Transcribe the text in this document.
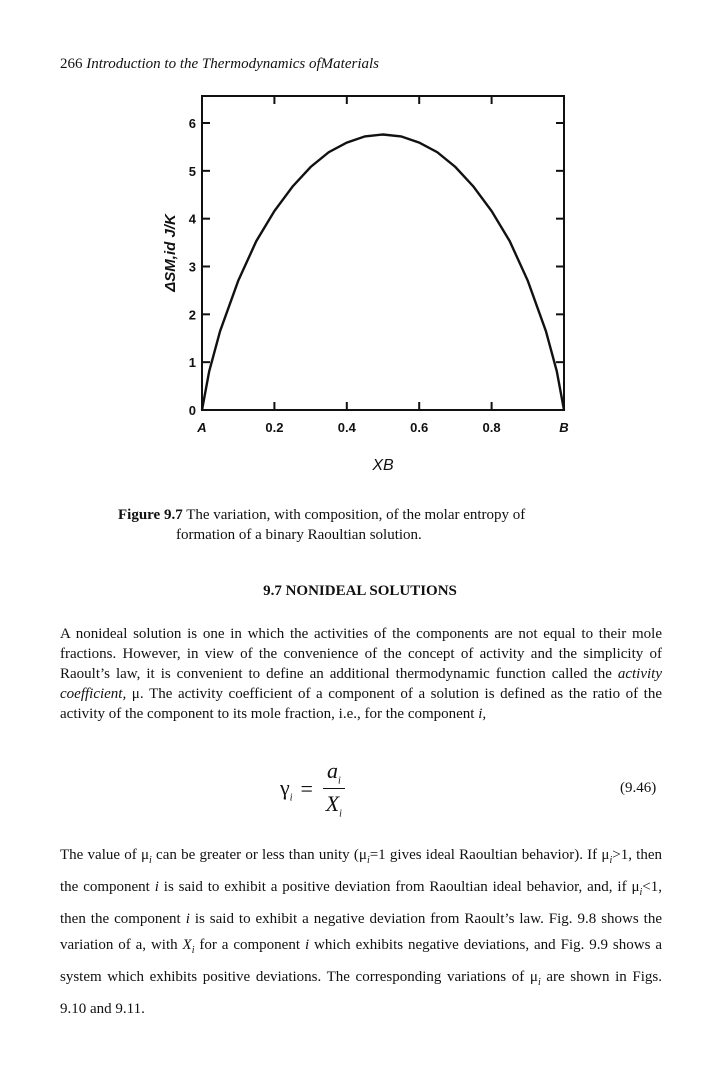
266 Introduction to the Thermodynamics ofMaterials
0
1
2
3
4
5
6
A	0.2	0.4	0.6	0.8	B
ΔSM,id J/K
XB
Figure 9.7 The variation, with composition, of the molar entropy of
formation of a binary Raoultian solution.
9.7 NONIDEAL SOLUTIONS
A nonideal solution is one in which the activities of the components are not equal to their mole fractions. However, in view of the convenience of the concept of activity and the simplicity of Raoult’s law, it is convenient to define an additional thermodynamic function called the activity coefficient, μ. The activity coefficient of a component of a solution is defined as the ratio of the activity of the component to its mole fraction, i.e., for the component i,
$\gamma_i = \frac{a_i}{X_i}$	(9.46)
The value of $\mu_i$ can be greater or less than unity ($\mu_i=1$ gives ideal Raoultian behavior). If $\mu_i>1$, then the component i is said to exhibit a positive deviation from Raoultian ideal behavior, and, if $\mu_i<1$, then the component i is said to exhibit a negative deviation from Raoult’s law. Fig. 9.8 shows the variation of a, with $X_i$ for a component i which exhibits negative deviations, and Fig. 9.9 shows a system which exhibits positive deviations. The corresponding variations of $\mu_i$ are shown in Figs. 9.10 and 9.11.
